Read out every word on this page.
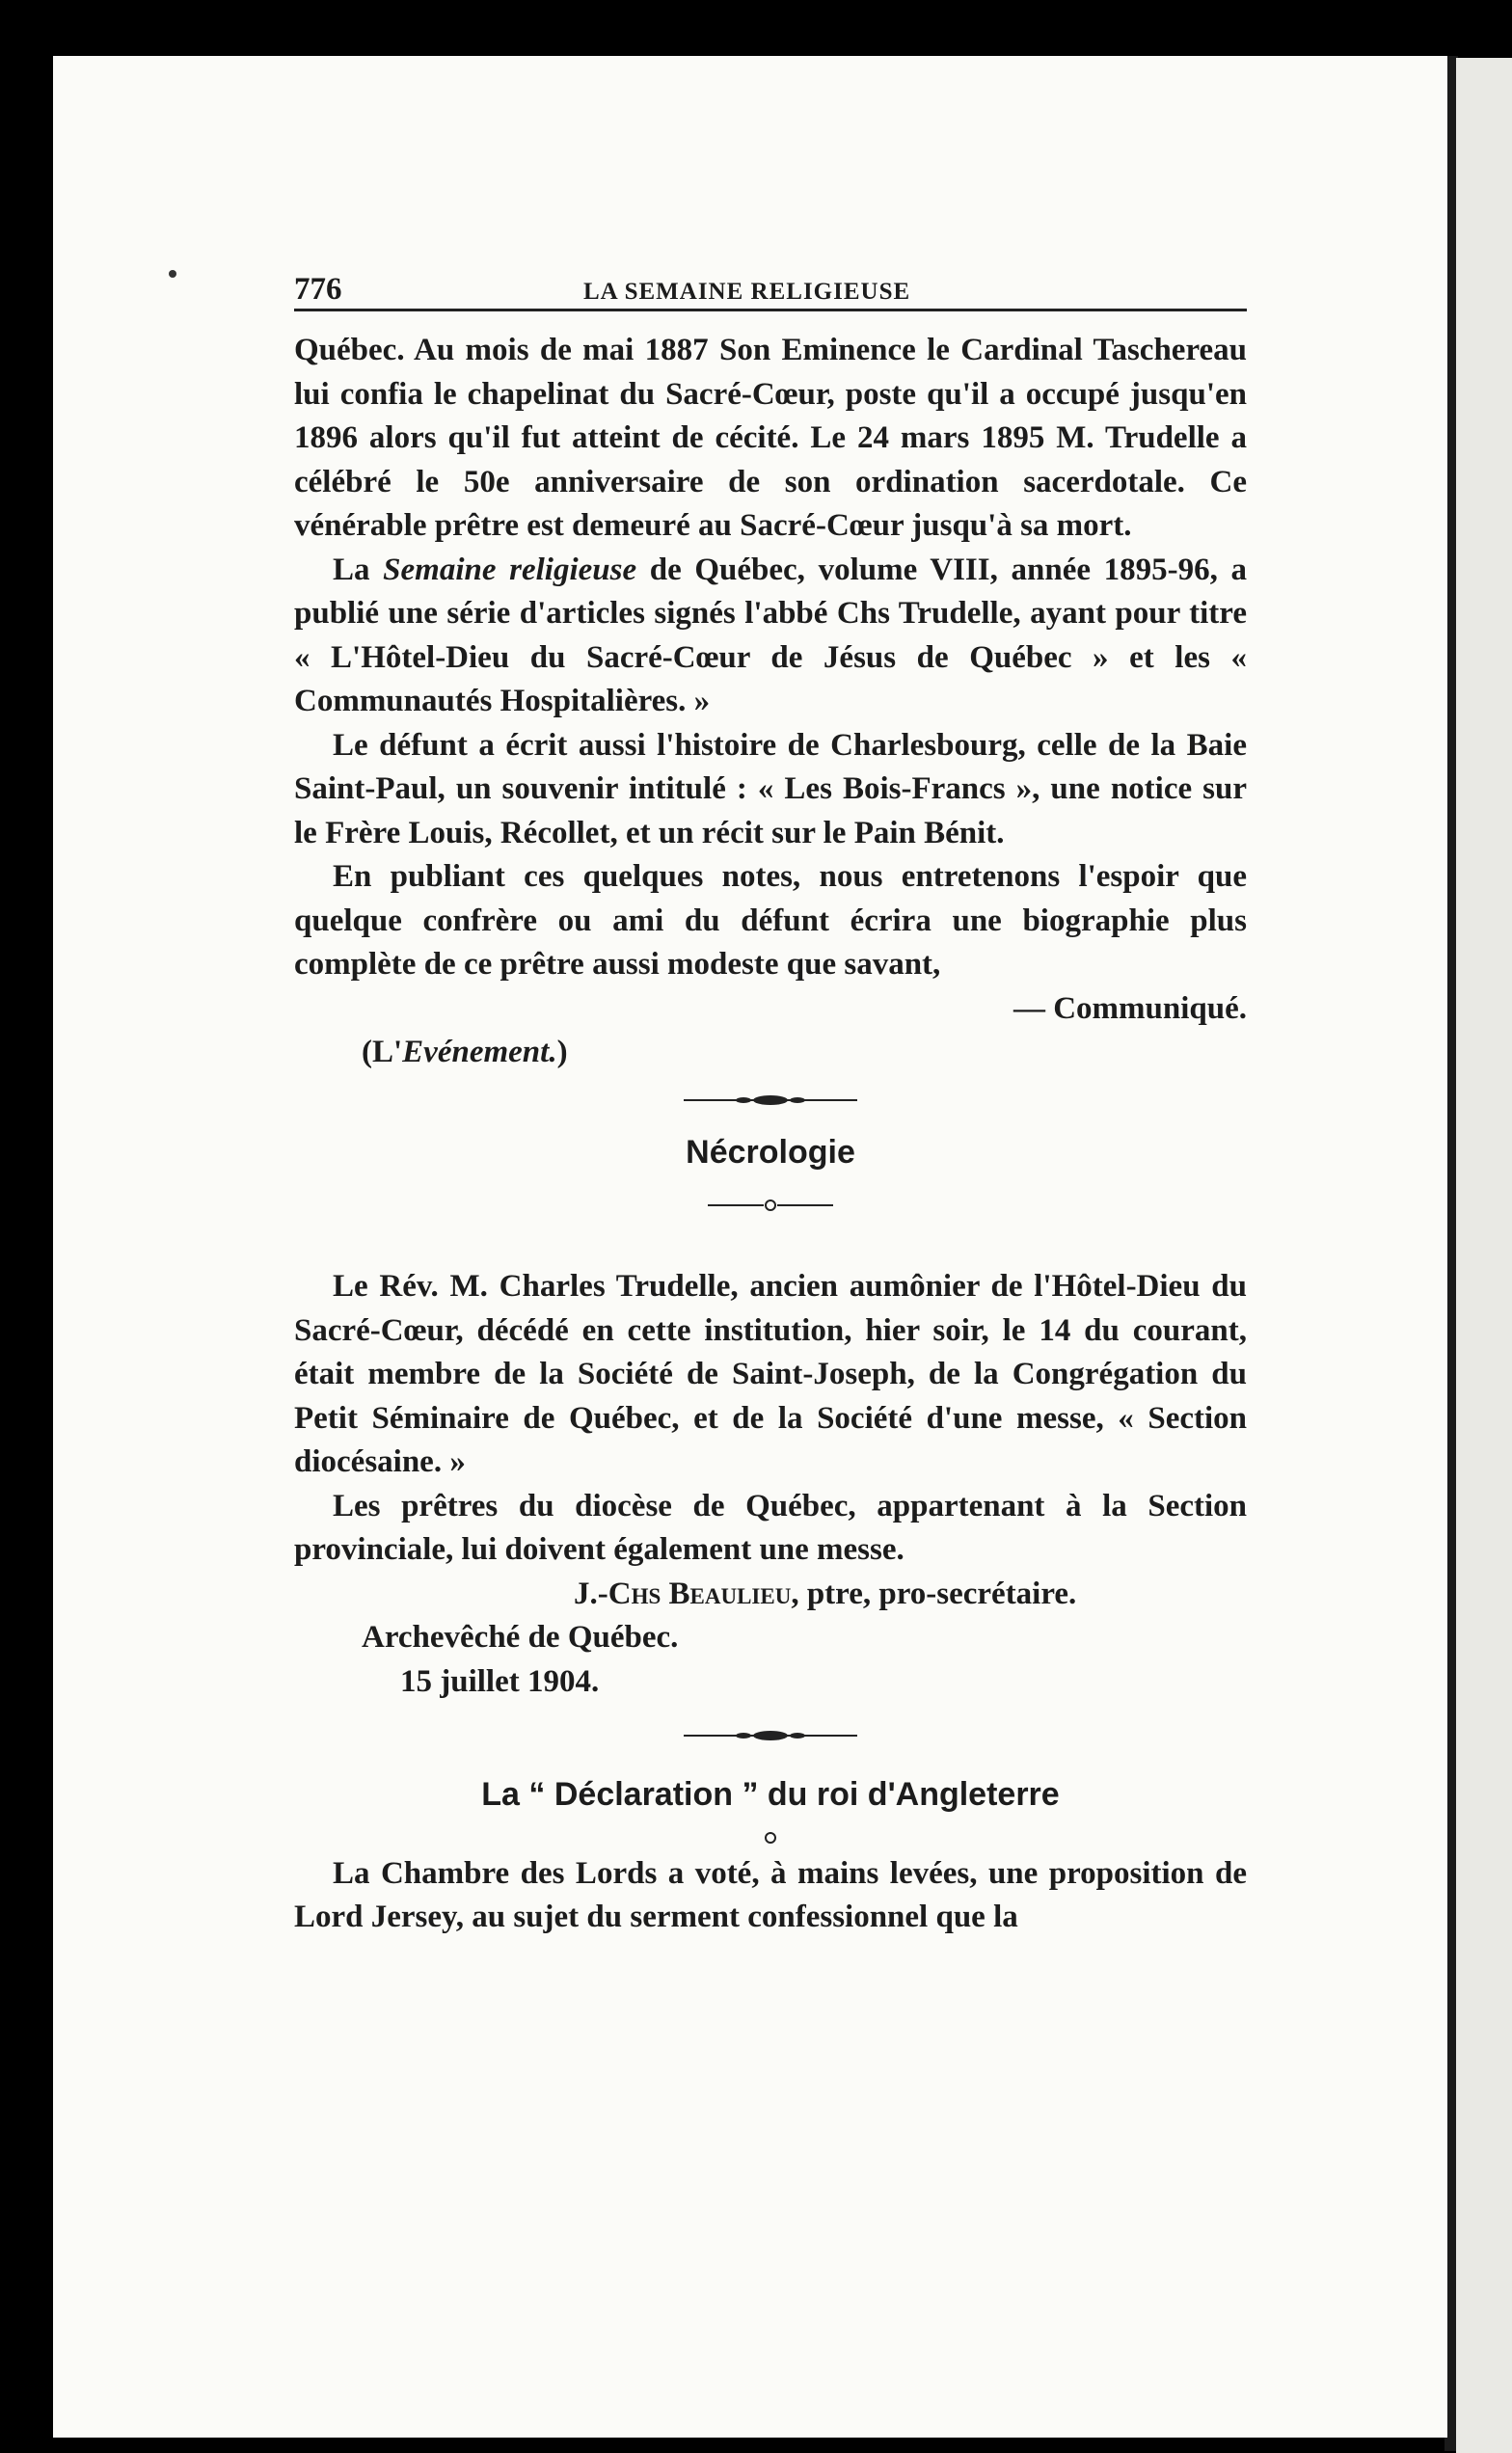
776	LA SEMAINE RELIGIEUSE

Québec. Au mois de mai 1887 Son Eminence le Cardinal Taschereau lui confia le chapelinat du Sacré-Cœur, poste qu'il a occupé jusqu'en 1896 alors qu'il fut atteint de cécité. Le 24 mars 1895 M. Trudelle a célébré le 50e anniversaire de son ordination sacerdotale. Ce vénérable prêtre est demeuré au Sacré-Cœur jusqu'à sa mort.

La Semaine religieuse de Québec, volume VIII, année 1895-96, a publié une série d'articles signés l'abbé Chs Trudelle, ayant pour titre « L'Hôtel-Dieu du Sacré-Cœur de Jésus de Québec » et les « Communautés Hospitalières. »

Le défunt a écrit aussi l'histoire de Charlesbourg, celle de la Baie Saint-Paul, un souvenir intitulé : « Les Bois-Francs », une notice sur le Frère Louis, Récollet, et un récit sur le Pain Bénit.

En publiant ces quelques notes, nous entretenons l'espoir que quelque confrère ou ami du défunt écrira une biographie plus complète de ce prêtre aussi modeste que savant,

— Communiqué.

(L'Evénement.)

Nécrologie

Le Rév. M. Charles Trudelle, ancien aumônier de l'Hôtel-Dieu du Sacré-Cœur, décédé en cette institution, hier soir, le 14 du courant, était membre de la Société de Saint-Joseph, de la Congrégation du Petit Séminaire de Québec, et de la Société d'une messe, « Section diocésaine. »

Les prêtres du diocèse de Québec, appartenant à la Section provinciale, lui doivent également une messe.

J.-Chs Beaulieu, ptre, pro-secrétaire.

Archevêché de Québec.

15 juillet 1904.

La “ Déclaration ” du roi d'Angleterre

La Chambre des Lords a voté, à mains levées, une proposition de Lord Jersey, au sujet du serment confessionnel que la
